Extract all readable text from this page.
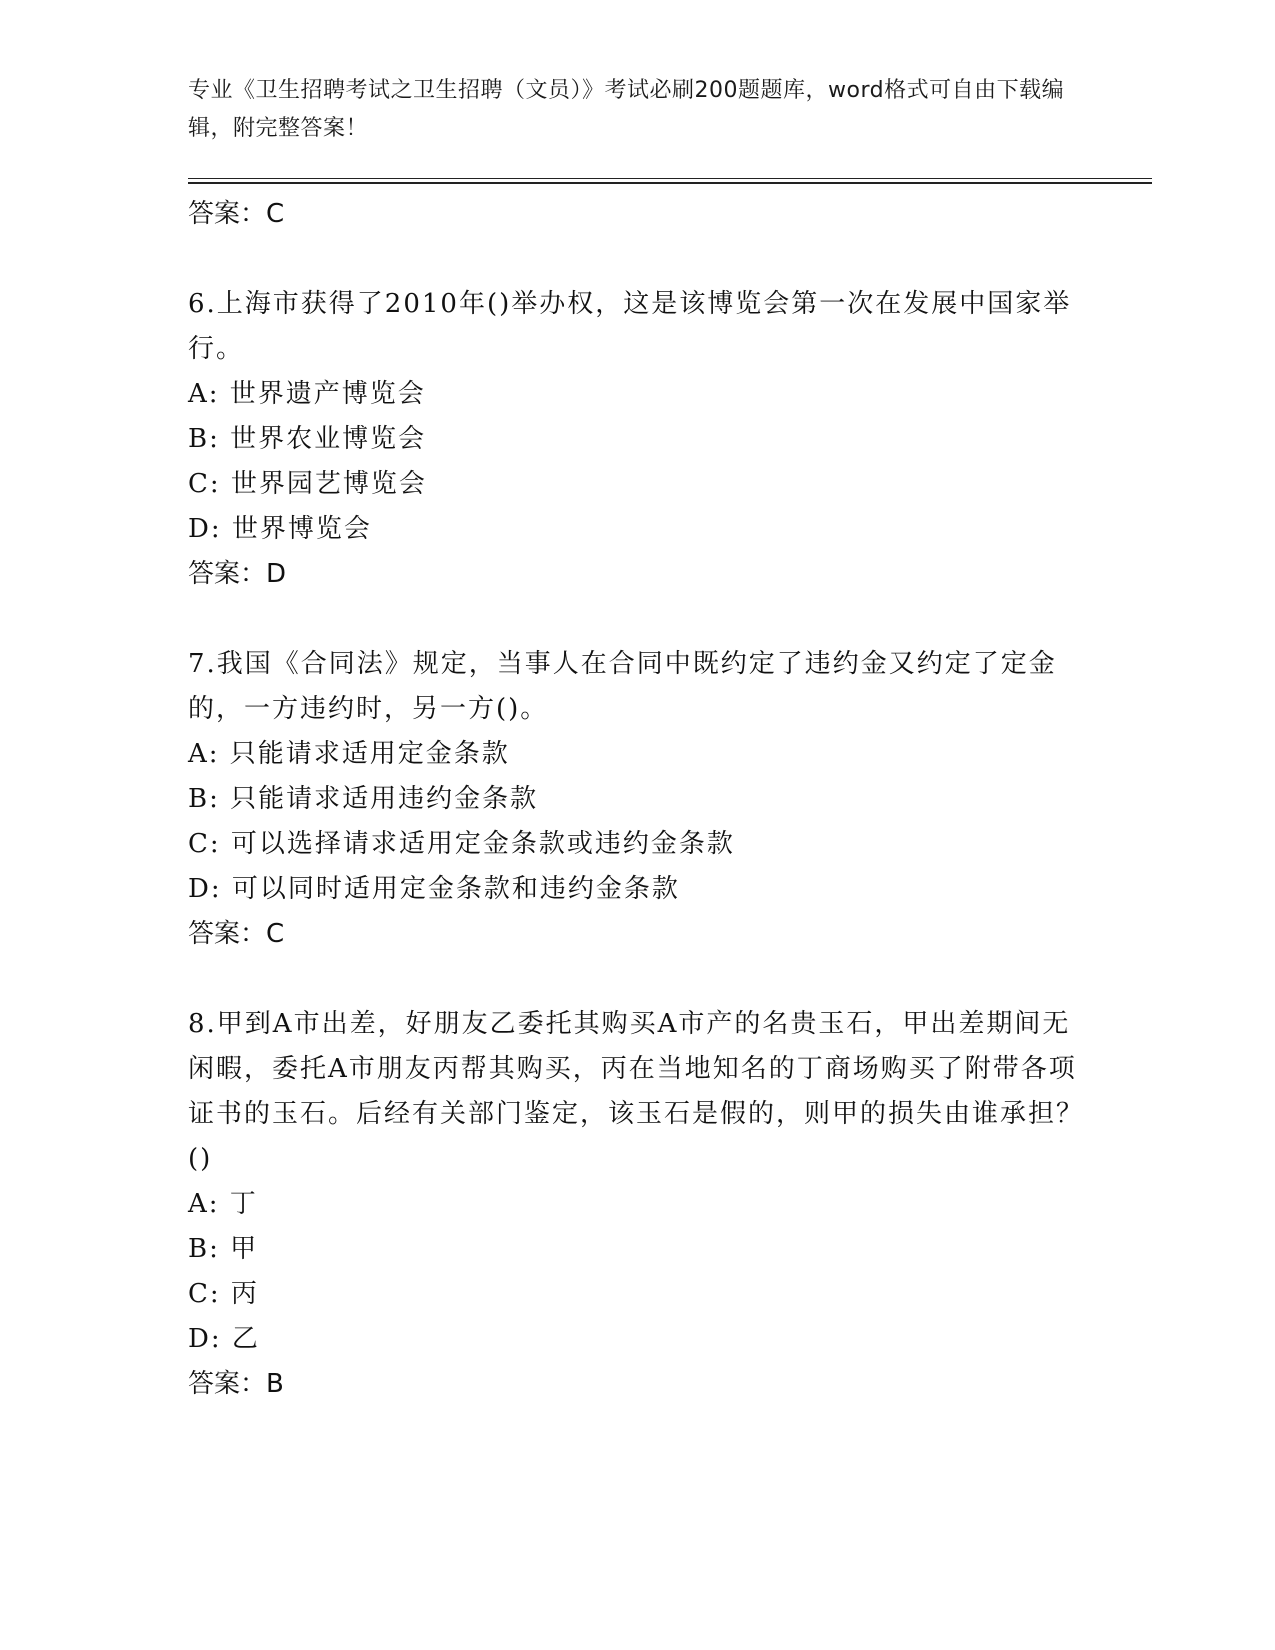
专业《卫生招聘考试之卫生招聘（文员）》考试必刷200题题库，word格式可自由下载编辑，附完整答案！
答案：C
6.上海市获得了2010年()举办权，这是该博览会第一次在发展中国家举行。
A: 世界遗产博览会
B: 世界农业博览会
C: 世界园艺博览会
D: 世界博览会
答案：D
7.我国《合同法》规定，当事人在合同中既约定了违约金又约定了定金的，一方违约时，另一方()。
A: 只能请求适用定金条款
B: 只能请求适用违约金条款
C: 可以选择请求适用定金条款或违约金条款
D: 可以同时适用定金条款和违约金条款
答案：C
8.甲到A市出差，好朋友乙委托其购买A市产的名贵玉石，甲出差期间无闲暇，委托A市朋友丙帮其购买，丙在当地知名的丁商场购买了附带各项证书的玉石。后经有关部门鉴定，该玉石是假的，则甲的损失由谁承担？()
A: 丁
B: 甲
C: 丙
D: 乙
答案：B
